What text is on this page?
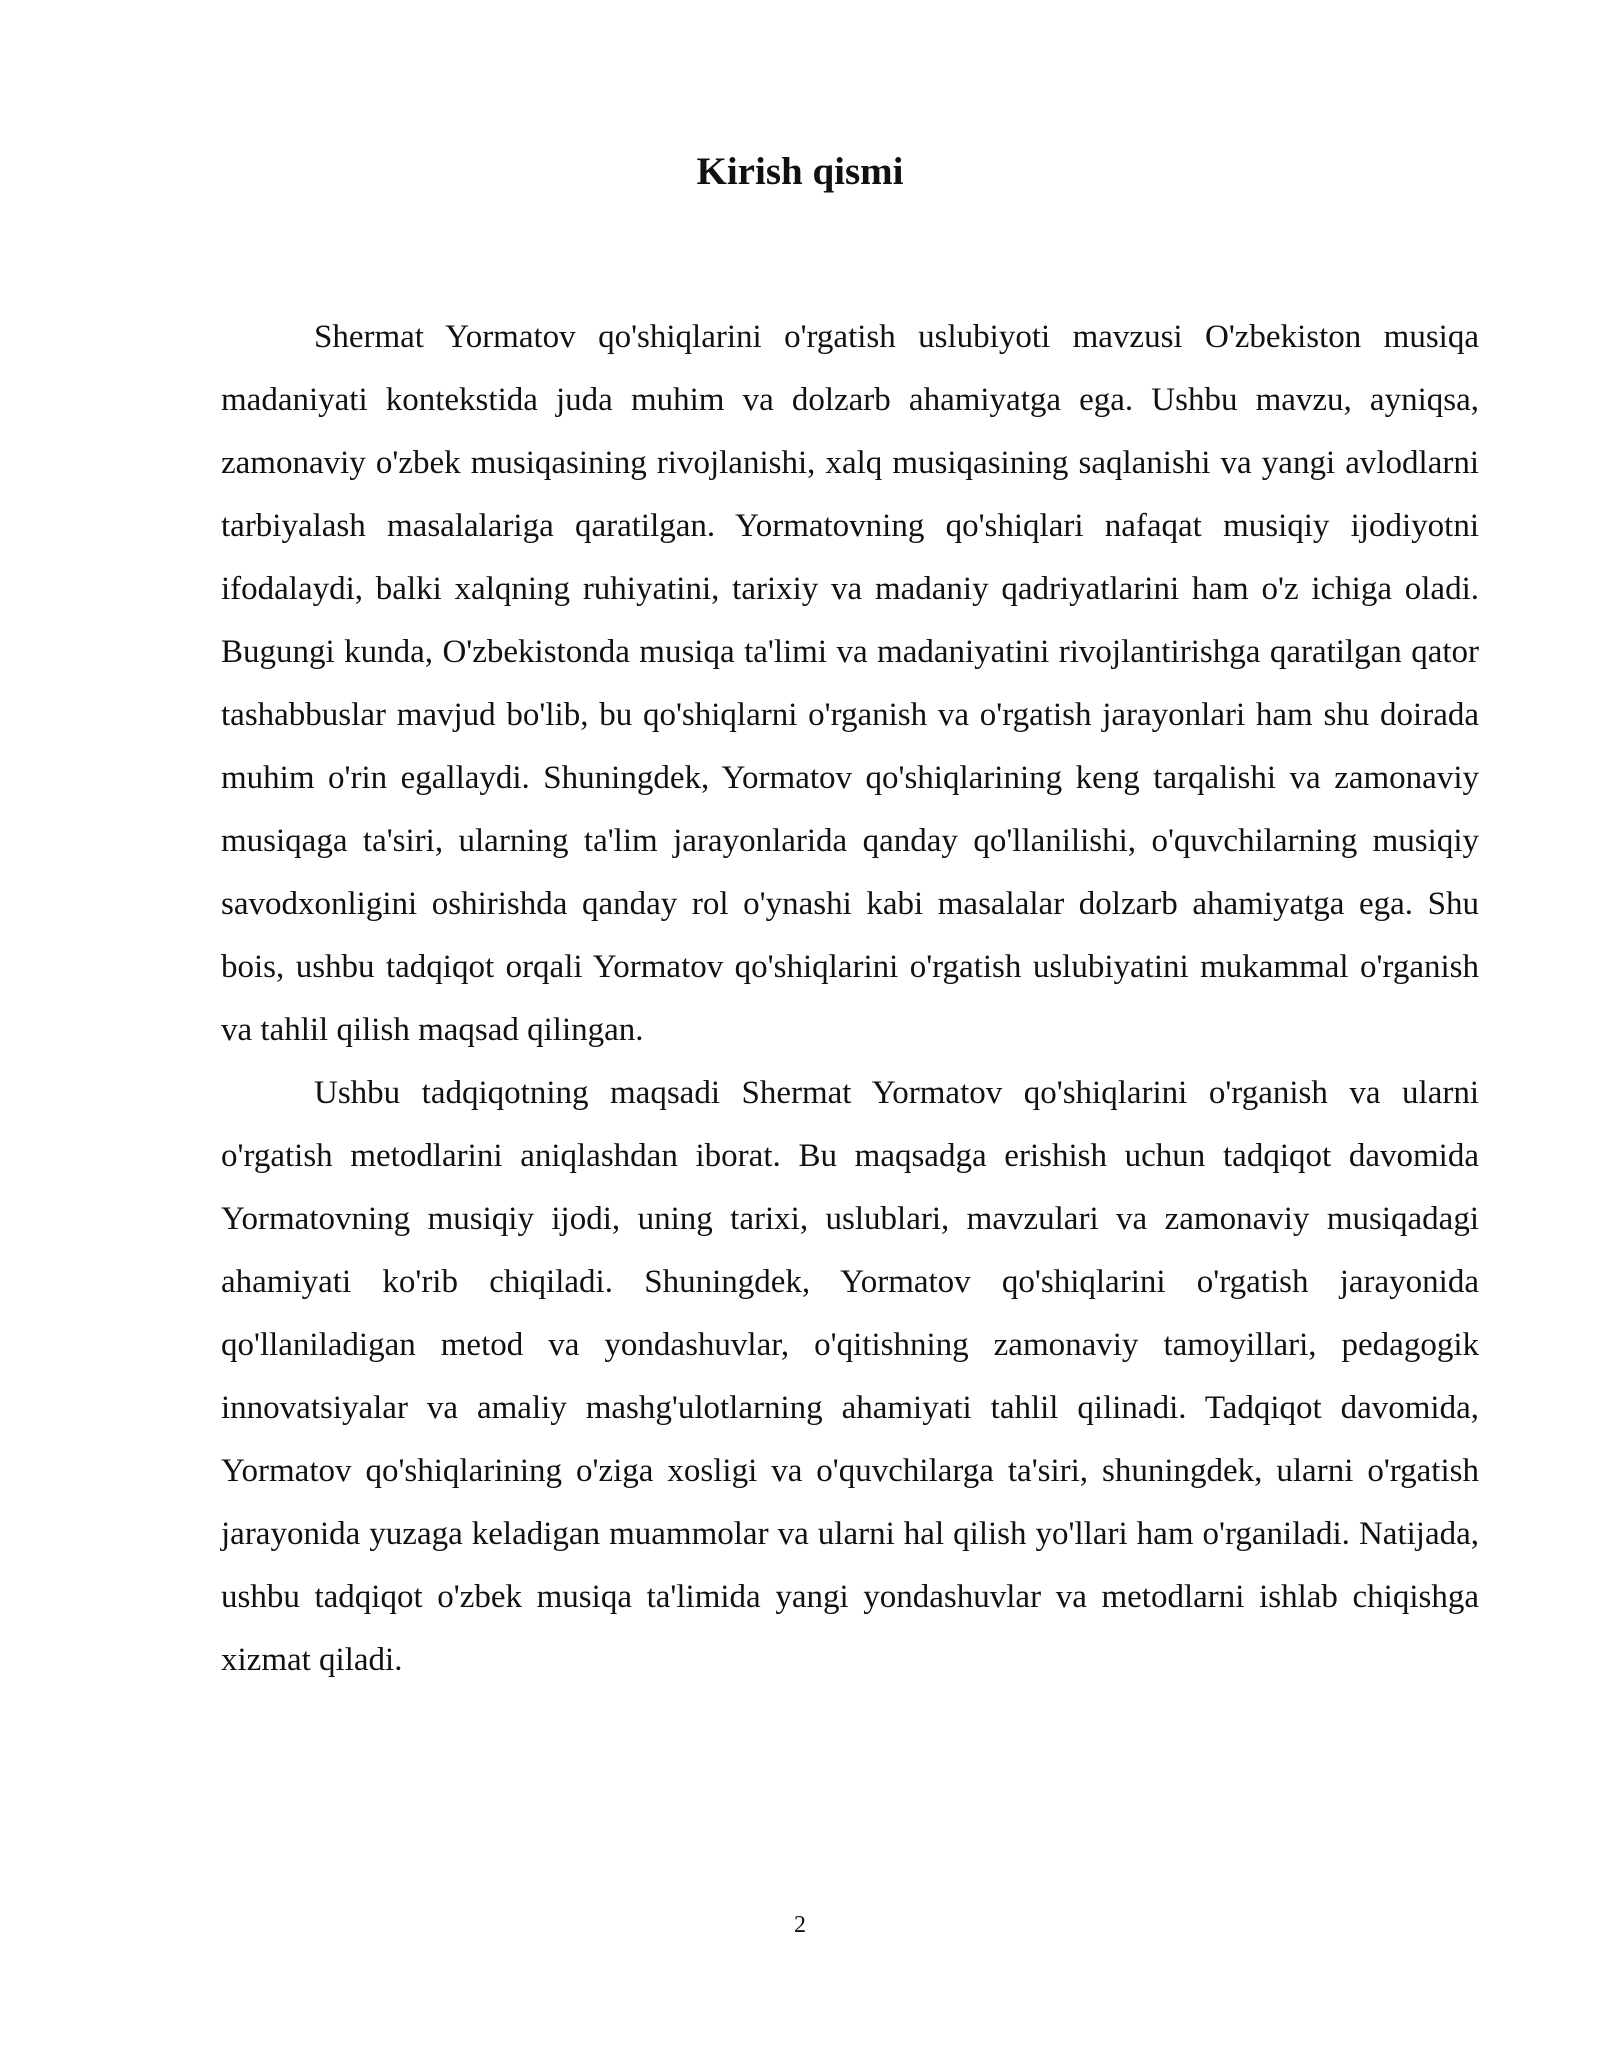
Kirish qismi

Shermat Yormatov qo'shiqlarini o'rgatish uslubiyoti mavzusi O'zbekiston musiqa madaniyati kontekstida juda muhim va dolzarb ahamiyatga ega. Ushbu mavzu, ayniqsa, zamonaviy o'zbek musiqasining rivojlanishi, xalq musiqasining saqlanishi va yangi avlodlarni tarbiyalash masalalariga qaratilgan. Yormatovning qo'shiqlari nafaqat musiqiy ijodiyotni ifodalaydi, balki xalqning ruhiyatini, tarixiy va madaniy qadriyatlarini ham o'z ichiga oladi. Bugungi kunda, O'zbekistonda musiqa ta'limi va madaniyatini rivojlantirishga qaratilgan qator tashabbuslar mavjud bo'lib, bu qo'shiqlarni o'rganish va o'rgatish jarayonlari ham shu doirada muhim o'rin egallaydi. Shuningdek, Yormatov qo'shiqlarining keng tarqalishi va zamonaviy musiqaga ta'siri, ularning ta'lim jarayonlarida qanday qo'llanilishi, o'quvchilarning musiqiy savodxonligini oshirishda qanday rol o'ynashi kabi masalalar dolzarb ahamiyatga ega. Shu bois, ushbu tadqiqot orqali Yormatov qo'shiqlarini o'rgatish uslubiyatini mukammal o'rganish va tahlil qilish maqsad qilingan.

Ushbu tadqiqotning maqsadi Shermat Yormatov qo'shiqlarini o'rganish va ularni o'rgatish metodlarini aniqlashdan iborat. Bu maqsadga erishish uchun tadqiqot davomida Yormatovning musiqiy ijodi, uning tarixi, uslublari, mavzulari va zamonaviy musiqadagi ahamiyati ko'rib chiqiladi. Shuningdek, Yormatov qo'shiqlarini o'rgatish jarayonida qo'llaniladigan metod va yondashuvlar, o'qitishning zamonaviy tamoyillari, pedagogik innovatsiyalar va amaliy mashg'ulotlarning ahamiyati tahlil qilinadi. Tadqiqot davomida, Yormatov qo'shiqlarining o'ziga xosligi va o'quvchilarga ta'siri, shuningdek, ularni o'rgatish jarayonida yuzaga keladigan muammolar va ularni hal qilish yo'llari ham o'rganiladi. Natijada, ushbu tadqiqot o'zbek musiqa ta'limida yangi yondashuvlar va metodlarni ishlab chiqishga xizmat qiladi.

2
